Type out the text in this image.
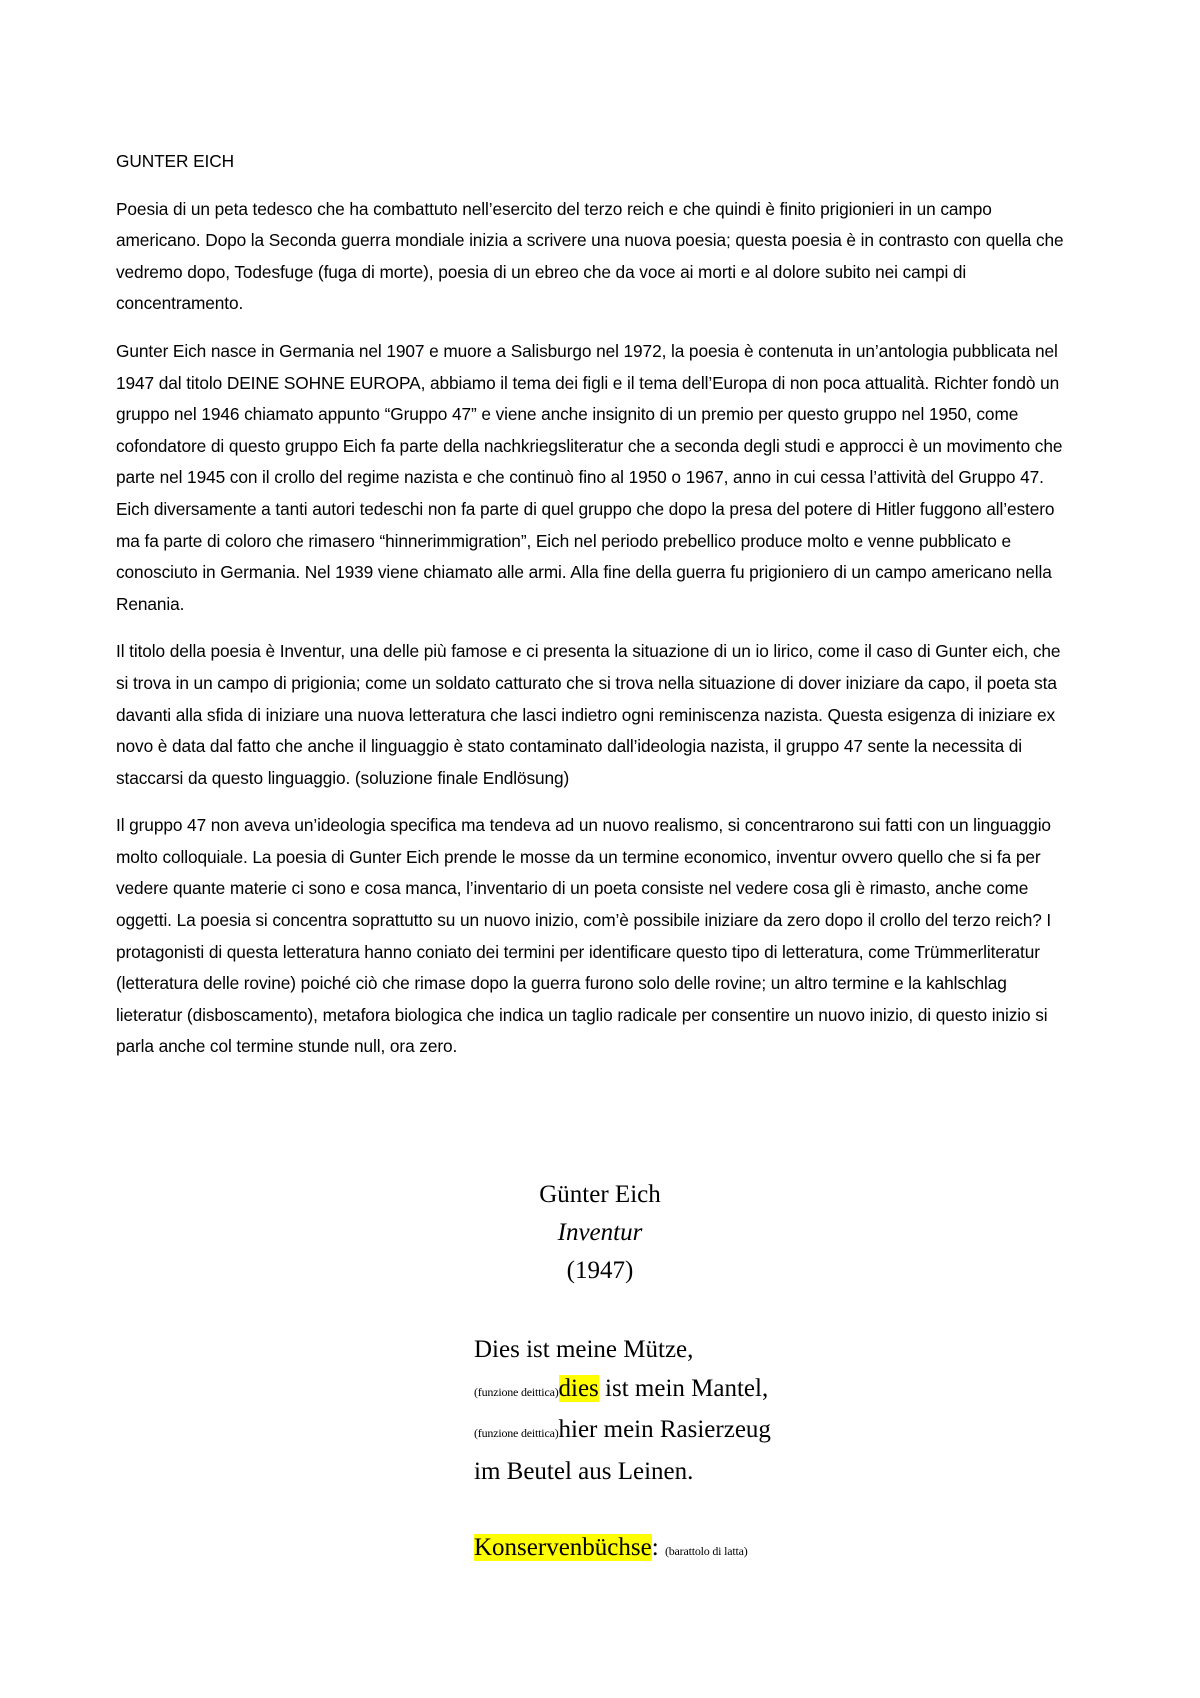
GUNTER EICH

Poesia di un peta tedesco che ha combattuto nell’esercito del terzo reich e che quindi è finito prigionieri in un campo americano. Dopo la Seconda guerra mondiale inizia a scrivere una nuova poesia; questa poesia è in contrasto con quella che vedremo dopo, Todesfuge (fuga di morte), poesia di un ebreo che da voce ai morti e al dolore subito nei campi di concentramento.

Gunter Eich nasce in Germania nel 1907 e muore a Salisburgo nel 1972, la poesia è contenuta in un’antologia pubblicata nel 1947 dal titolo DEINE SOHNE EUROPA, abbiamo il tema dei figli e il tema dell’Europa di non poca attualità. Richter fondò un gruppo nel 1946 chiamato appunto “Gruppo 47” e viene anche insignito di un premio per questo gruppo nel 1950, come cofondatore di questo gruppo Eich fa parte della nachkriegsliteratur che a seconda degli studi e approcci è un movimento che parte nel 1945 con il crollo del regime nazista e che continuò fino al 1950 o 1967, anno in cui cessa l’attività del Gruppo 47. Eich diversamente a tanti autori tedeschi non fa parte di quel gruppo che dopo la presa del potere di Hitler fuggono all’estero ma fa parte di coloro che rimasero “hinnerimmigration”, Eich nel periodo prebellico produce molto e venne pubblicato e conosciuto in Germania. Nel 1939 viene chiamato alle armi. Alla fine della guerra fu prigioniero di un campo americano nella Renania.

Il titolo della poesia è Inventur, una delle più famose e ci presenta la situazione di un io lirico, come il caso di Gunter eich, che si trova in un campo di prigionia; come un soldato catturato che si trova nella situazione di dover iniziare da capo, il poeta sta davanti alla sfida di iniziare una nuova letteratura che lasci indietro ogni reminiscenza nazista. Questa esigenza di iniziare ex novo è data dal fatto che anche il linguaggio è stato contaminato dall’ideologia nazista, il gruppo 47 sente la necessita di staccarsi da questo linguaggio. (soluzione finale Endlösung)

Il gruppo 47 non aveva un’ideologia specifica ma tendeva ad un nuovo realismo, si concentrarono sui fatti con un linguaggio molto colloquiale. La poesia di Gunter Eich prende le mosse da un termine economico, inventur ovvero quello che si fa per vedere quante materie ci sono e cosa manca, l’inventario di un poeta consiste nel vedere cosa gli è rimasto, anche come oggetti. La poesia si concentra soprattutto su un nuovo inizio, com’è possibile iniziare da zero dopo il crollo del terzo reich? I protagonisti di questa letteratura hanno coniato dei termini per identificare questo tipo di letteratura, come Trümmerliteratur (letteratura delle rovine) poiché ciò che rimase dopo la guerra furono solo delle rovine; un altro termine e la kahlschlag lieteratur (disboscamento), metafora biologica che indica un taglio radicale per consentire un nuovo inizio, di questo inizio si parla anche col termine stunde null, ora zero.

Günter Eich
Inventur
(1947)
Dies ist meine Mütze,
(funzione deittica)dies ist mein Mantel,
(funzione deittica)hier mein Rasierzeug
im Beutel aus Leinen.
Konservenbüchse: (barattolo di latta)
